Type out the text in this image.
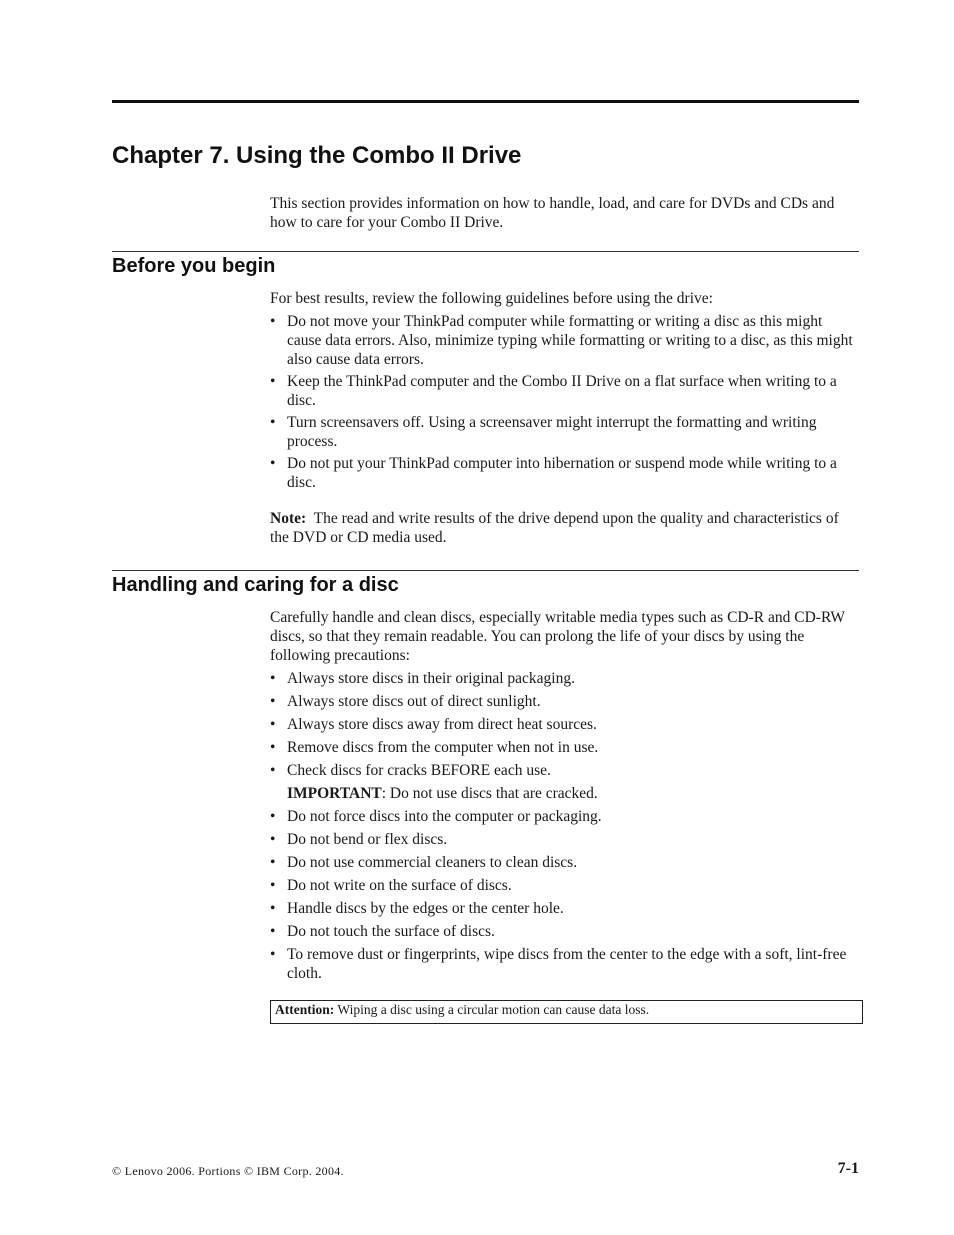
Chapter 7. Using the Combo II Drive

This section provides information on how to handle, load, and care for DVDs and CDs and how to care for your Combo II Drive.

Before you begin

For best results, review the following guidelines before using the drive:

• Do not move your ThinkPad computer while formatting or writing a disc as this might cause data errors. Also, minimize typing while formatting or writing to a disc, as this might also cause data errors.
• Keep the ThinkPad computer and the Combo II Drive on a flat surface when writing to a disc.
• Turn screensavers off. Using a screensaver might interrupt the formatting and writing process.
• Do not put your ThinkPad computer into hibernation or suspend mode while writing to a disc.

Note: The read and write results of the drive depend upon the quality and characteristics of the DVD or CD media used.

Handling and caring for a disc

Carefully handle and clean discs, especially writable media types such as CD-R and CD-RW discs, so that they remain readable. You can prolong the life of your discs by using the following precautions:

• Always store discs in their original packaging.
• Always store discs out of direct sunlight.
• Always store discs away from direct heat sources.
• Remove discs from the computer when not in use.
• Check discs for cracks BEFORE each use.
IMPORTANT: Do not use discs that are cracked.
• Do not force discs into the computer or packaging.
• Do not bend or flex discs.
• Do not use commercial cleaners to clean discs.
• Do not write on the surface of discs.
• Handle discs by the edges or the center hole.
• Do not touch the surface of discs.
• To remove dust or fingerprints, wipe discs from the center to the edge with a soft, lint-free cloth.
Attention: Wiping a disc using a circular motion can cause data loss.
© Lenovo 2006. Portions © IBM Corp. 2004.	7-1
